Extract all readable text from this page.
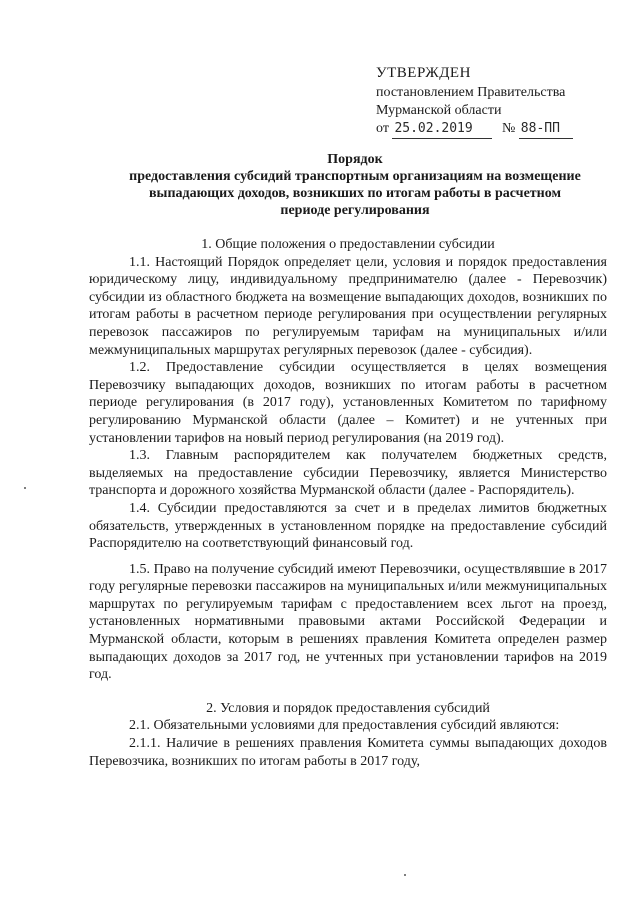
УТВЕРЖДЕН
постановлением Правительства
Мурманской области
от 25.02.2019 № 88-ПП
Порядок
предоставления субсидий транспортным организациям на возмещение
выпадающих доходов, возникших по итогам работы в расчетном
периоде регулирования

1. Общие положения о предоставлении субсидии

1.1. Настоящий Порядок определяет цели, условия и порядок предоставления юридическому лицу, индивидуальному предпринимателю (далее - Перевозчик) субсидии из областного бюджета на возмещение выпадающих доходов, возникших по итогам работы в расчетном периоде регулирования при осуществлении регулярных перевозок пассажиров по регулируемым тарифам на муниципальных и/или межмуниципальных маршрутах регулярных перевозок (далее - субсидия).

1.2. Предоставление субсидии осуществляется в целях возмещения Перевозчику выпадающих доходов, возникших по итогам работы в расчетном периоде регулирования (в 2017 году), установленных Комитетом по тарифному регулированию Мурманской области (далее – Комитет) и не учтенных при установлении тарифов на новый период регулирования (на 2019 год).

1.3. Главным распорядителем как получателем бюджетных средств, выделяемых на предоставление субсидии Перевозчику, является Министерство транспорта и дорожного хозяйства Мурманской области (далее - Распорядитель).

1.4. Субсидии предоставляются за счет и в пределах лимитов бюджетных обязательств, утвержденных в установленном порядке на предоставление субсидий Распорядителю на соответствующий финансовый год.

1.5. Право на получение субсидий имеют Перевозчики, осуществлявшие в 2017 году регулярные перевозки пассажиров на муниципальных и/или межмуниципальных маршрутах по регулируемым тарифам с предоставлением всех льгот на проезд, установленных нормативными правовыми актами Российской Федерации и Мурманской области, которым в решениях правления Комитета определен размер выпадающих доходов за 2017 год, не учтенных при установлении тарифов на 2019 год.

2. Условия и порядок предоставления субсидий

2.1. Обязательными условиями для предоставления субсидий являются:

2.1.1. Наличие в решениях правления Комитета суммы выпадающих доходов Перевозчика, возникших по итогам работы в 2017 году,
